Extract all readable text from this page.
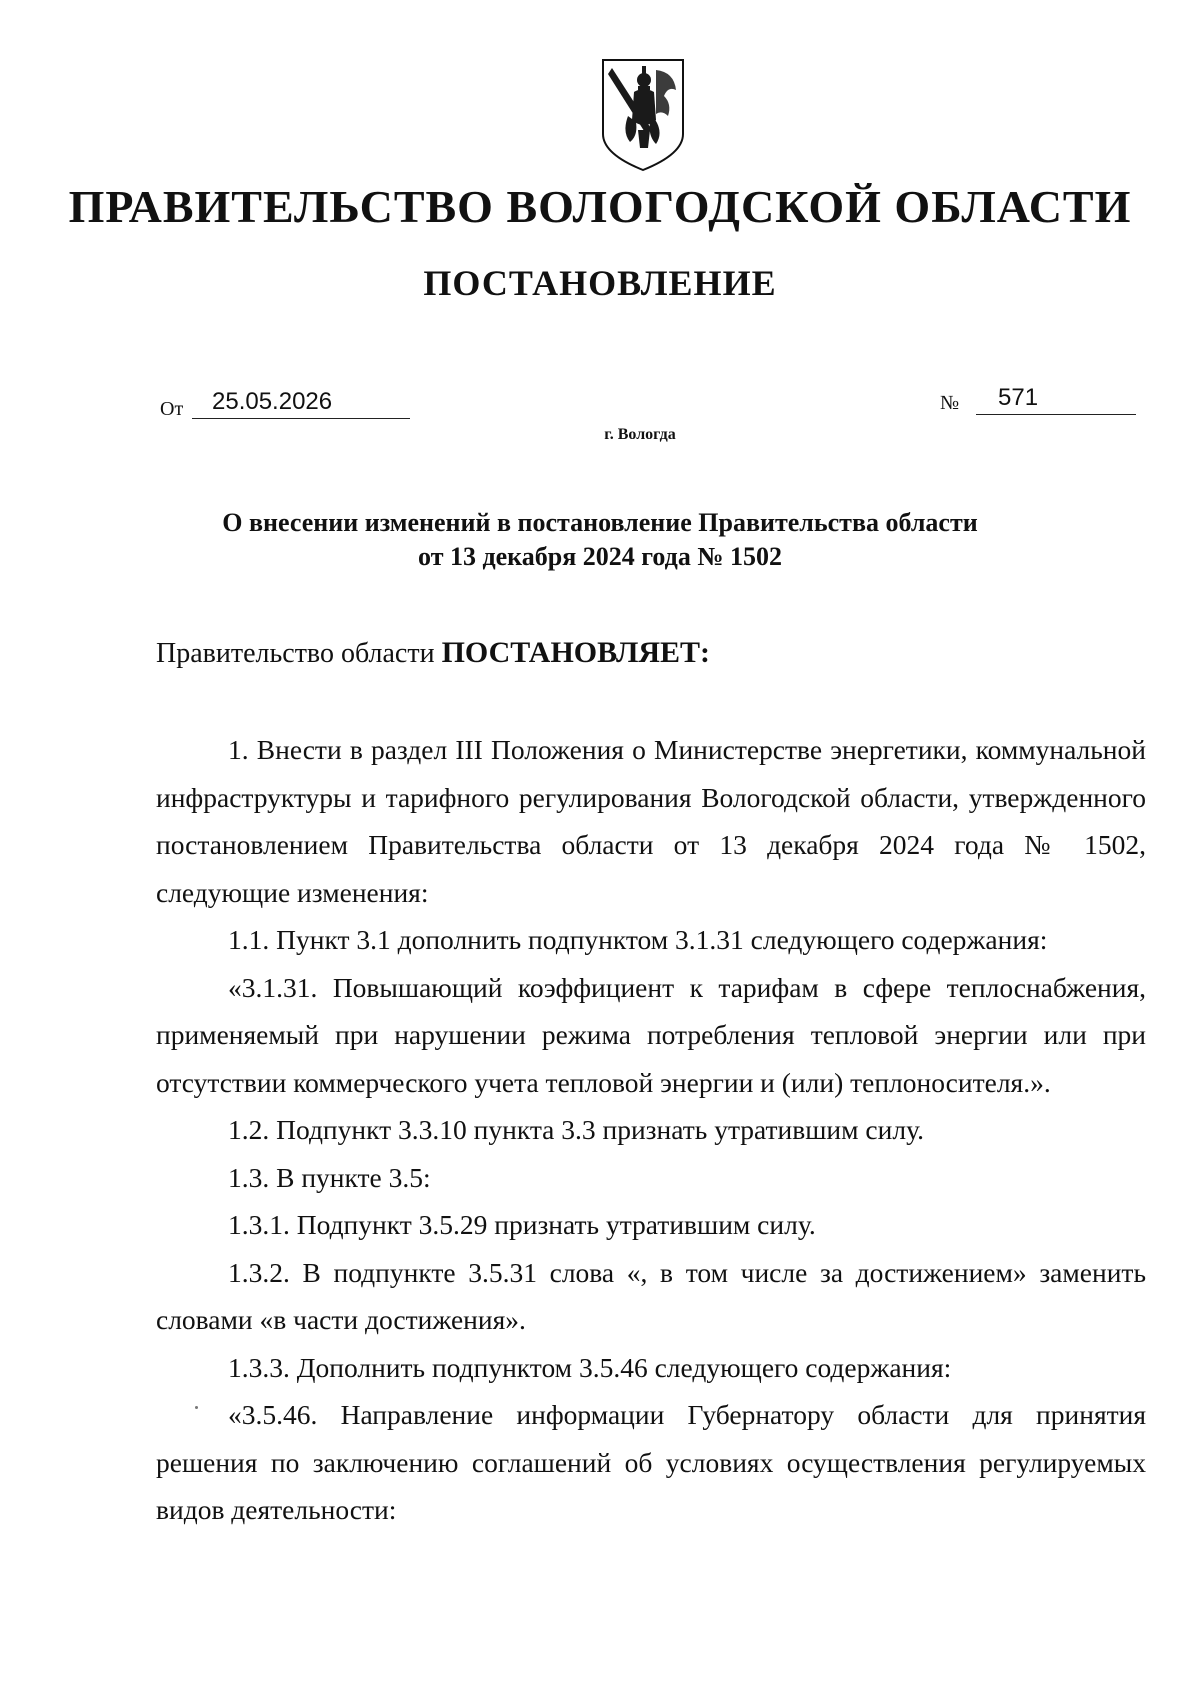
ПРАВИТЕЛЬСТВО ВОЛОГОДСКОЙ ОБЛАСТИ
ПОСТАНОВЛЕНИЕ
От 25.05.2026	№ 571
г. Вологда
О внесении изменений в постановление Правительства области
от 13 декабря 2024 года № 1502
Правительство области ПОСТАНОВЛЯЕТ:

1. Внести в раздел III Положения о Министерстве энергетики, коммунальной инфраструктуры и тарифного регулирования Вологодской области, утвержденного постановлением Правительства области от 13 декабря 2024 года № 1502, следующие изменения:

1.1. Пункт 3.1 дополнить подпунктом 3.1.31 следующего содержания:

«3.1.31. Повышающий коэффициент к тарифам в сфере теплоснабжения, применяемый при нарушении режима потребления тепловой энергии или при отсутствии коммерческого учета тепловой энергии и (или) теплоносителя.».

1.2. Подпункт 3.3.10 пункта 3.3 признать утратившим силу.

1.3. В пункте 3.5:

1.3.1. Подпункт 3.5.29 признать утратившим силу.

1.3.2. В подпункте 3.5.31 слова «, в том числе за достижением» заменить словами «в части достижения».

1.3.3. Дополнить подпунктом 3.5.46 следующего содержания:

«3.5.46. Направление информации Губернатору области для принятия решения по заключению соглашений об условиях осуществления регулируемых видов деятельности:
